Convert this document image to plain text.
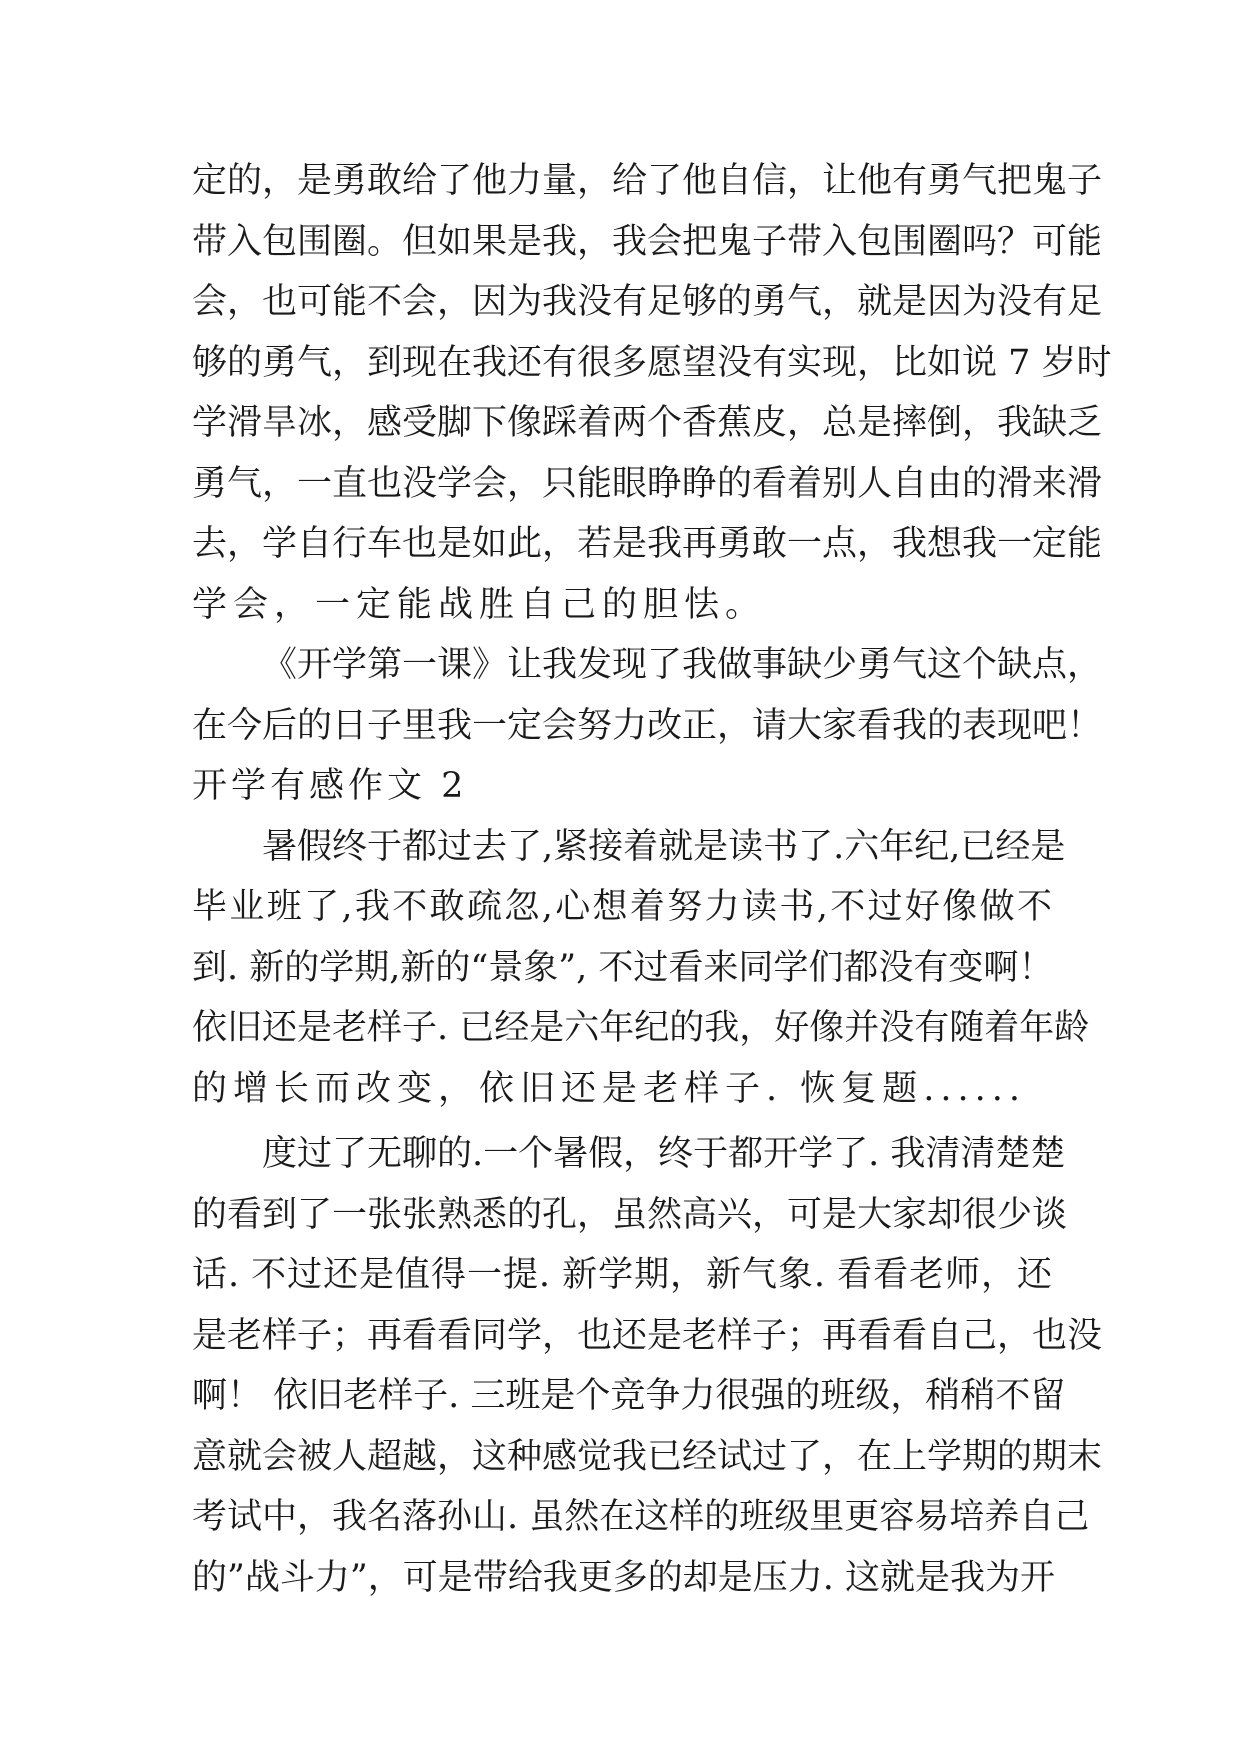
定的，是勇敢给了他力量，给了他自信，让他有勇气把鬼子
带入包围圈。但如果是我，我会把鬼子带入包围圈吗？可能
会，也可能不会，因为我没有足够的勇气，就是因为没有足
够的勇气，到现在我还有很多愿望没有实现，比如说 7 岁时
学滑旱冰，感受脚下像踩着两个香蕉皮，总是摔倒，我缺乏
勇气，一直也没学会，只能眼睁睁的看着别人自由的滑来滑
去，学自行车也是如此，若是我再勇敢一点，我想我一定能
学会，一定能战胜自己的胆怯。
《开学第一课》让我发现了我做事缺少勇气这个缺点，
在今后的日子里我一定会努力改正，请大家看我的表现吧！
开学有感作文 2
暑假终于都过去了,紧接着就是读书了.六年纪,已经是
毕业班了,我不敢疏忽,心想着努力读书,不过好像做不
到. 新的学期,新的“景象”, 不过看来同学们都没有变啊！
依旧还是老样子. 已经是六年纪的我，好像并没有随着年龄
的增长而改变，依旧还是老样子. 恢复题......
度过了无聊的.一个暑假，终于都开学了. 我清清楚楚
的看到了一张张熟悉的孔，虽然高兴，可是大家却很少谈
话. 不过还是值得一提. 新学期，新气象. 看看老师，还
是老样子；再看看同学，也还是老样子；再看看自己，也没
啊！ 依旧老样子. 三班是个竞争力很强的班级，稍稍不留
意就会被人超越，这种感觉我已经试过了，在上学期的期末
考试中，我名落孙山. 虽然在这样的班级里更容易培养自己
的”战斗力”，可是带给我更多的却是压力. 这就是我为开
